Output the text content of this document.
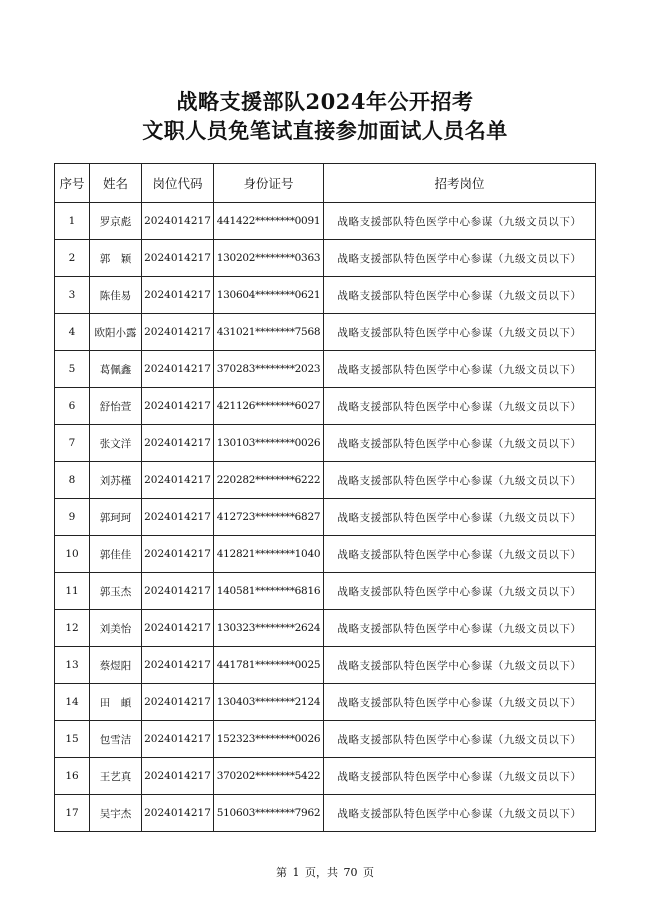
战略支援部队2024年公开招考
文职人员免笔试直接参加面试人员名单
序号	姓名	岗位代码	身份证号	招考岗位
1	罗京彪	2024014217	441422********0091	战略支援部队特色医学中心参谋（九级文员以下）
2	郭　颖	2024014217	130202********0363	战略支援部队特色医学中心参谋（九级文员以下）
3	陈佳易	2024014217	130604********0621	战略支援部队特色医学中心参谋（九级文员以下）
4	欧阳小露	2024014217	431021********7568	战略支援部队特色医学中心参谋（九级文员以下）
5	葛佩鑫	2024014217	370283********2023	战略支援部队特色医学中心参谋（九级文员以下）
6	舒怡萱	2024014217	421126********6027	战略支援部队特色医学中心参谋（九级文员以下）
7	张文洋	2024014217	130103********0026	战略支援部队特色医学中心参谋（九级文员以下）
8	刘苏槿	2024014217	220282********6222	战略支援部队特色医学中心参谋（九级文员以下）
9	郭珂珂	2024014217	412723********6827	战略支援部队特色医学中心参谋（九级文员以下）
10	郭佳佳	2024014217	412821********1040	战略支援部队特色医学中心参谋（九级文员以下）
11	郭玉杰	2024014217	140581********6816	战略支援部队特色医学中心参谋（九级文员以下）
12	刘美怡	2024014217	130323********2624	战略支援部队特色医学中心参谋（九级文员以下）
13	蔡煜阳	2024014217	441781********0025	战略支援部队特色医学中心参谋（九级文员以下）
14	田　頔	2024014217	130403********2124	战略支援部队特色医学中心参谋（九级文员以下）
15	包雪洁	2024014217	152323********0026	战略支援部队特色医学中心参谋（九级文员以下）
16	王艺真	2024014217	370202********5422	战略支援部队特色医学中心参谋（九级文员以下）
17	吴宇杰	2024014217	510603********7962	战略支援部队特色医学中心参谋（九级文员以下）
第 1 页，共 70 页
